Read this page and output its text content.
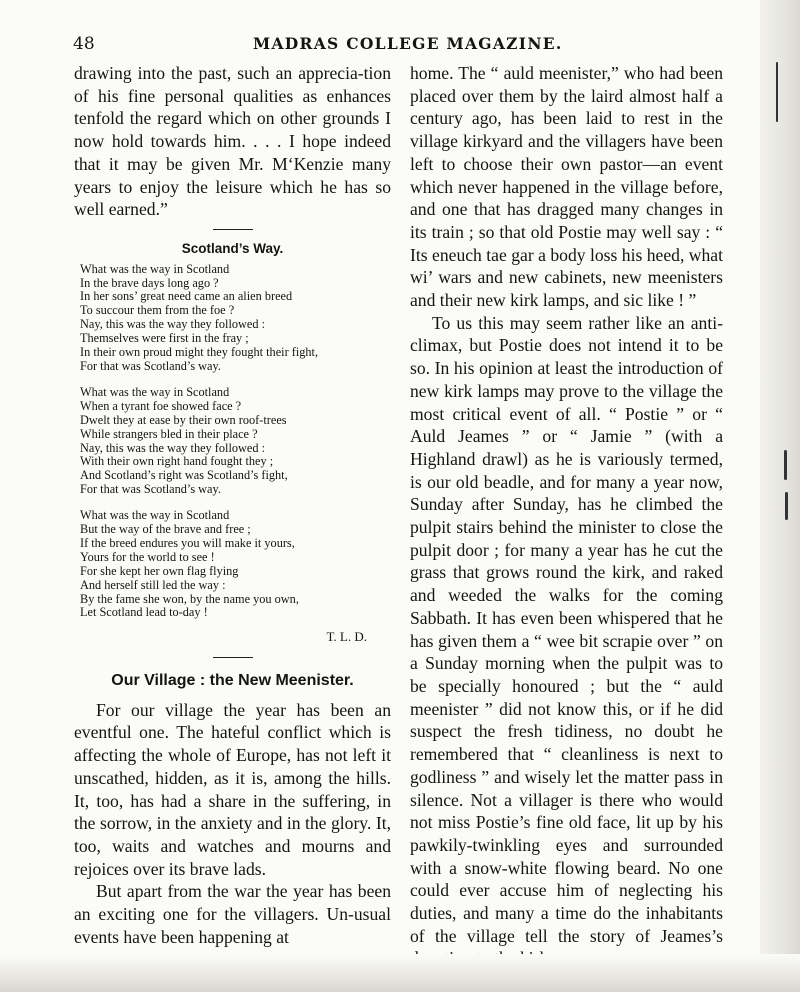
48	MADRAS COLLEGE MAGAZINE.

drawing into the past, such an apprecia-tion of his fine personal qualities as enhances tenfold the regard which on other grounds I now hold towards him. . . . I hope indeed that it may be given Mr. M‘Kenzie many years to enjoy the leisure which he has so well earned.”

Scotland’s Way.
What was the way in Scotland
In the brave days long ago ?
In her sons’ great need came an alien breed
To succour them from the foe ?
Nay, this was the way they followed :
Themselves were first in the fray ;
In their own proud might they fought their fight,
For that was Scotland’s way.
What was the way in Scotland
When a tyrant foe showed face ?
Dwelt they at ease by their own roof-trees
While strangers bled in their place ?
Nay, this was the way they followed :
With their own right hand fought they ;
And Scotland’s right was Scotland’s fight,
For that was Scotland’s way.
What was the way in Scotland
But the way of the brave and free ;
If the breed endures you will make it yours,
Yours for the world to see !
For she kept her own flag flying
And herself still led the way :
By the fame she won, by the name you own,
Let Scotland lead to-day !
T. L. D.
Our Village : the New Meenister.

For our village the year has been an eventful one. The hateful conflict which is affecting the whole of Europe, has not left it unscathed, hidden, as it is, among the hills. It, too, has had a share in the suffering, in the sorrow, in the anxiety and in the glory. It, too, waits and watches and mourns and rejoices over its brave lads.

But apart from the war the year has been an exciting one for the villagers. Un-usual events have been happening at

home. The “ auld meenister,” who had been placed over them by the laird almost half a century ago, has been laid to rest in the village kirkyard and the villagers have been left to choose their own pastor—an event which never happened in the village before, and one that has dragged many changes in its train ; so that old Postie may well say : “ Its eneuch tae gar a body loss his heed, what wi’ wars and new cabinets, new meenisters and their new kirk lamps, and sic like ! ”

To us this may seem rather like an anti-climax, but Postie does not intend it to be so. In his opinion at least the introduction of new kirk lamps may prove to the village the most critical event of all. “ Postie ” or “ Auld Jeames ” or “ Jamie ” (with a Highland drawl) as he is variously termed, is our old beadle, and for many a year now, Sunday after Sunday, has he climbed the pulpit stairs behind the minister to close the pulpit door ; for many a year has he cut the grass that grows round the kirk, and raked and weeded the walks for the coming Sabbath. It has even been whispered that he has given them a “ wee bit scrapie over ” on a Sunday morning when the pulpit was to be specially honoured ; but the “ auld meenister ” did not know this, or if he did suspect the fresh tidiness, no doubt he remembered that “ cleanliness is next to godliness ” and wisely let the matter pass in silence. Not a villager is there who would not miss Postie’s fine old face, lit up by his pawkily-twinkling eyes and surrounded with a snow-white flowing beard. No one could ever accuse him of neglecting his duties, and many a time do the inhabitants of the village tell the story of Jeames’s
